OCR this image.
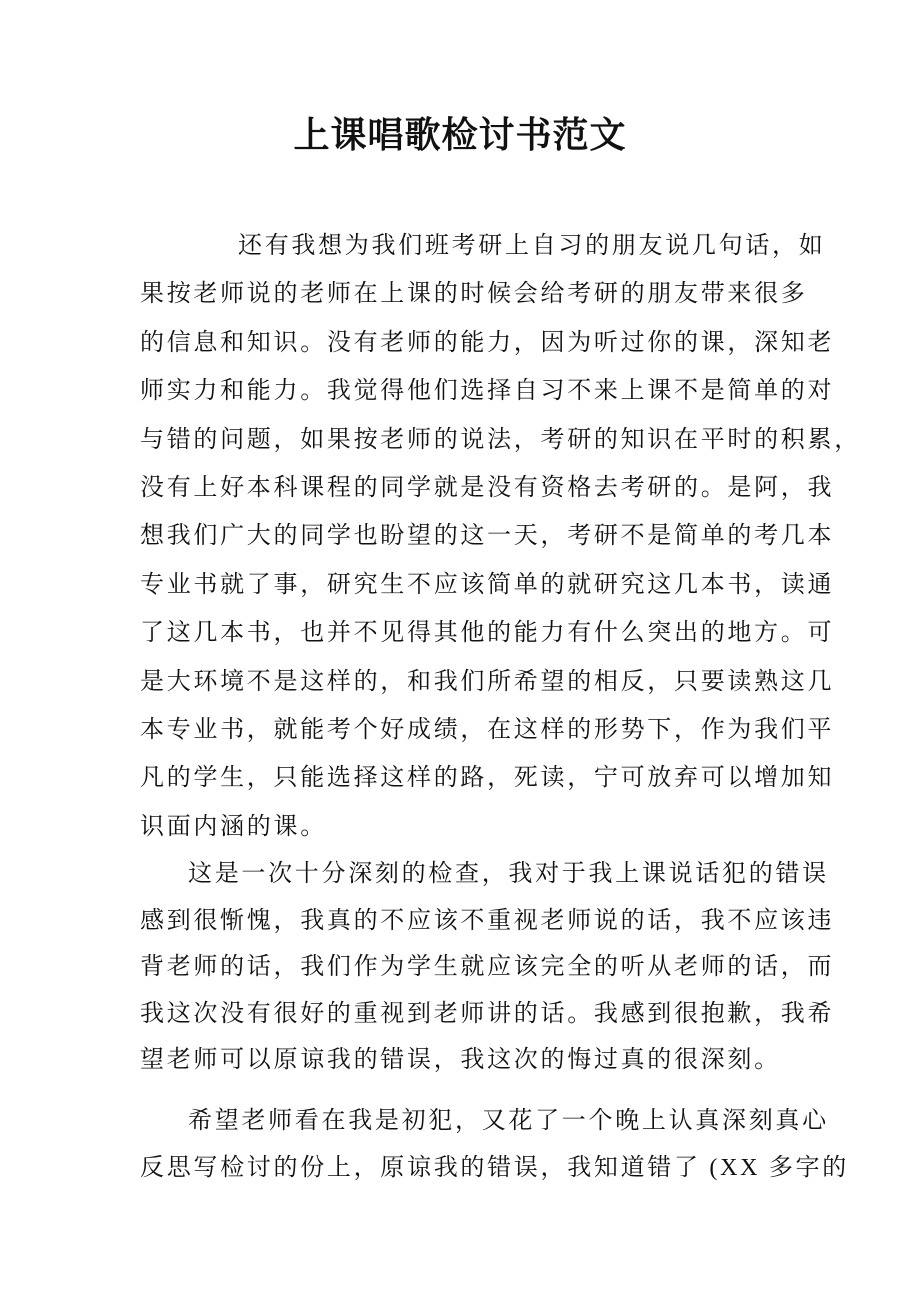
上课唱歌检讨书范文
还有我想为我们班考研上自习的朋友说几句话，如
果按老师说的老师在上课的时候会给考研的朋友带来很多
的信息和知识。没有老师的能力，因为听过你的课，深知老
师实力和能力。我觉得他们选择自习不来上课不是简单的对
与错的问题，如果按老师的说法，考研的知识在平时的积累，
没有上好本科课程的同学就是没有资格去考研的。是阿，我
想我们广大的同学也盼望的这一天，考研不是简单的考几本
专业书就了事，研究生不应该简单的就研究这几本书，读通
了这几本书，也并不见得其他的能力有什么突出的地方。可
是大环境不是这样的，和我们所希望的相反，只要读熟这几
本专业书，就能考个好成绩，在这样的形势下，作为我们平
凡的学生，只能选择这样的路，死读，宁可放弃可以增加知
识面内涵的课。
这是一次十分深刻的检查，我对于我上课说话犯的错误
感到很惭愧，我真的不应该不重视老师说的话，我不应该违
背老师的话，我们作为学生就应该完全的听从老师的话，而
我这次没有很好的重视到老师讲的话。我感到很抱歉，我希
望老师可以原谅我的错误，我这次的悔过真的很深刻。
希望老师看在我是初犯，又花了一个晚上认真深刻真心
反思写检讨的份上，原谅我的错误，我知道错了 (XX 多字的
